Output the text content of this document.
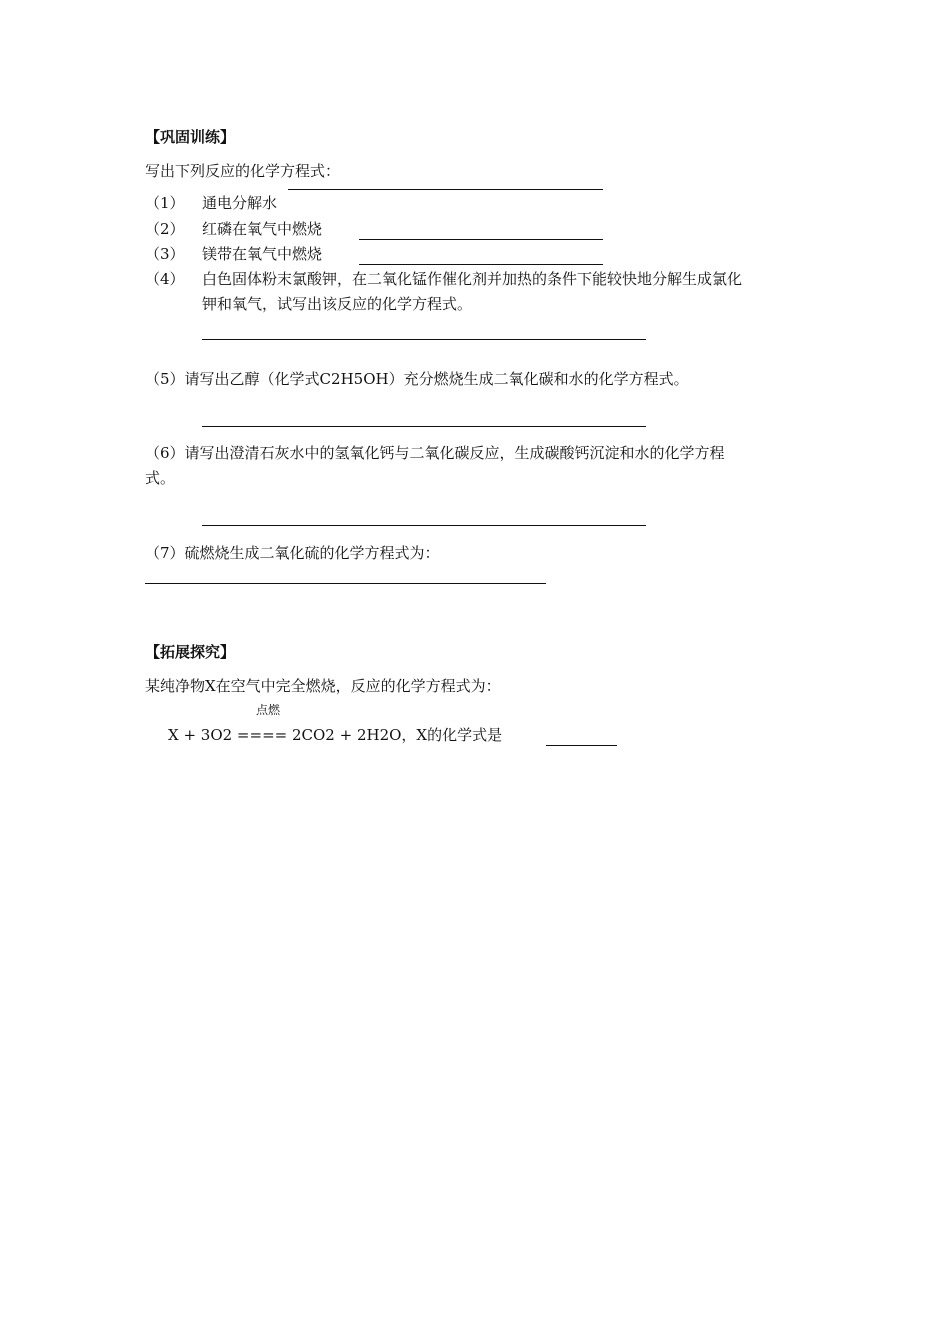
【巩固训练】
写出下列反应的化学方程式：
（1） 通电分解水
（2） 红磷在氧气中燃烧
（3） 镁带在氧气中燃烧
（4） 白色固体粉末氯酸钾，在二氧化锰作催化剂并加热的条件下能较快地分解生成氯化
钾和氧气，试写出该反应的化学方程式。
（5）请写出乙醇（化学式C2H5OH）充分燃烧生成二氧化碳和水的化学方程式。
（6）请写出澄清石灰水中的氢氧化钙与二氧化碳反应，生成碳酸钙沉淀和水的化学方程
式。
（7）硫燃烧生成二氧化硫的化学方程式为：
【拓展探究】
某纯净物X在空气中完全燃烧，反应的化学方程式为：
点燃
X + 3O2 ==== 2CO2 + 2H2O，X的化学式是
